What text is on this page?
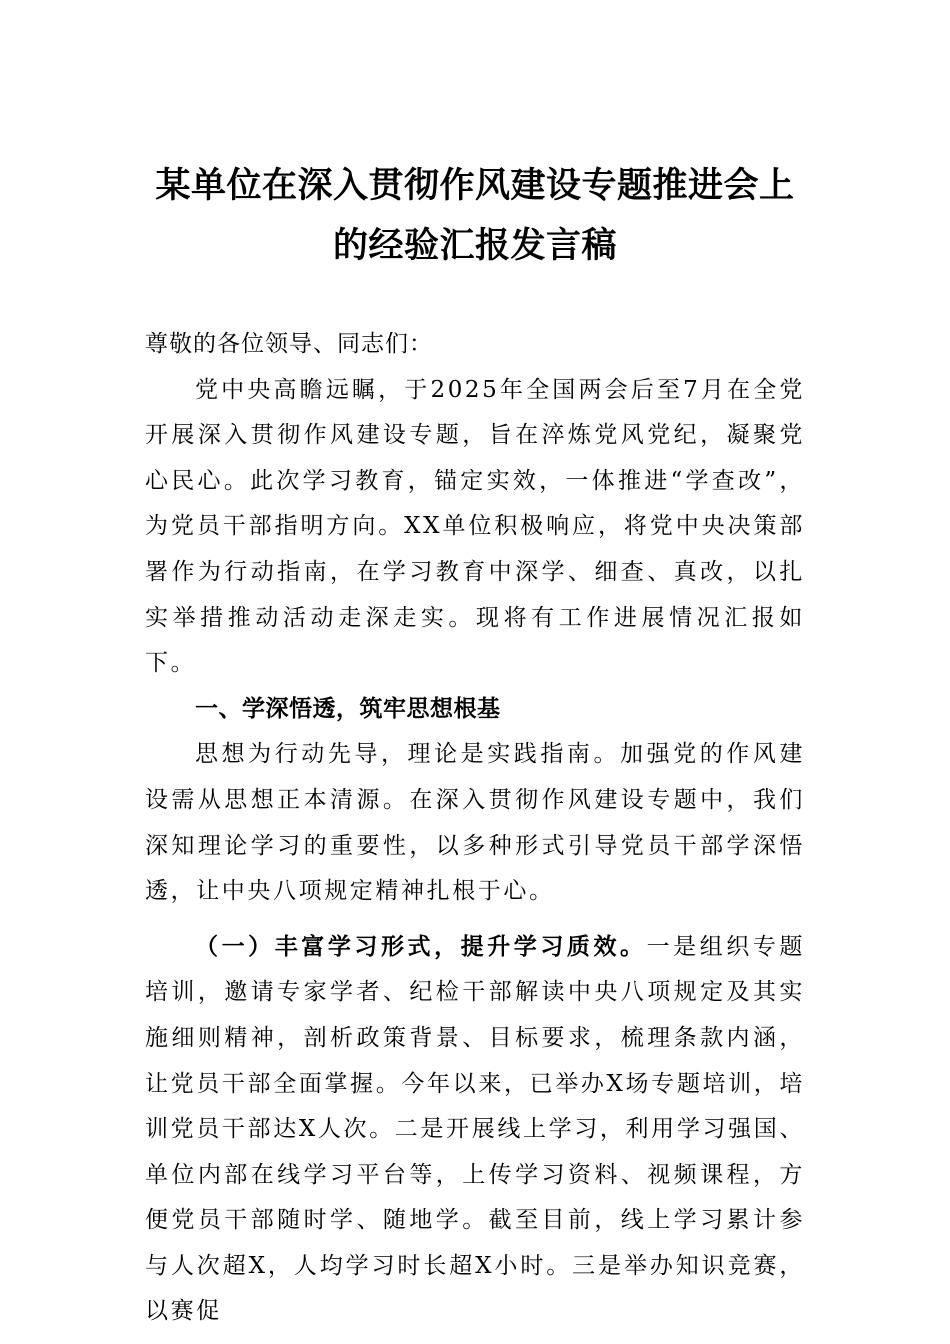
某单位在深入贯彻作风建设专题推进会上
的经验汇报发言稿

尊敬的各位领导、同志们：

党中央高瞻远瞩，于2025年全国两会后至7月在全党开展深入贯彻作风建设专题，旨在淬炼党风党纪，凝聚党心民心。此次学习教育，锚定实效，一体推进“学查改”，为党员干部指明方向。XX单位积极响应，将党中央决策部署作为行动指南，在学习教育中深学、细查、真改，以扎实举措推动活动走深走实。现将有工作进展情况汇报如下。

一、学深悟透，筑牢思想根基

思想为行动先导，理论是实践指南。加强党的作风建设需从思想正本清源。在深入贯彻作风建设专题中，我们深知理论学习的重要性，以多种形式引导党员干部学深悟透，让中央八项规定精神扎根于心。

（一）丰富学习形式，提升学习质效。一是组织专题培训，邀请专家学者、纪检干部解读中央八项规定及其实施细则精神，剖析政策背景、目标要求，梳理条款内涵，让党员干部全面掌握。今年以来，已举办X场专题培训，培训党员干部达X人次。二是开展线上学习，利用学习强国、单位内部在线学习平台等，上传学习资料、视频课程，方便党员干部随时学、随地学。截至目前，线上学习累计参与人次超X，人均学习时长超X小时。三是举办知识竞赛，以赛促
